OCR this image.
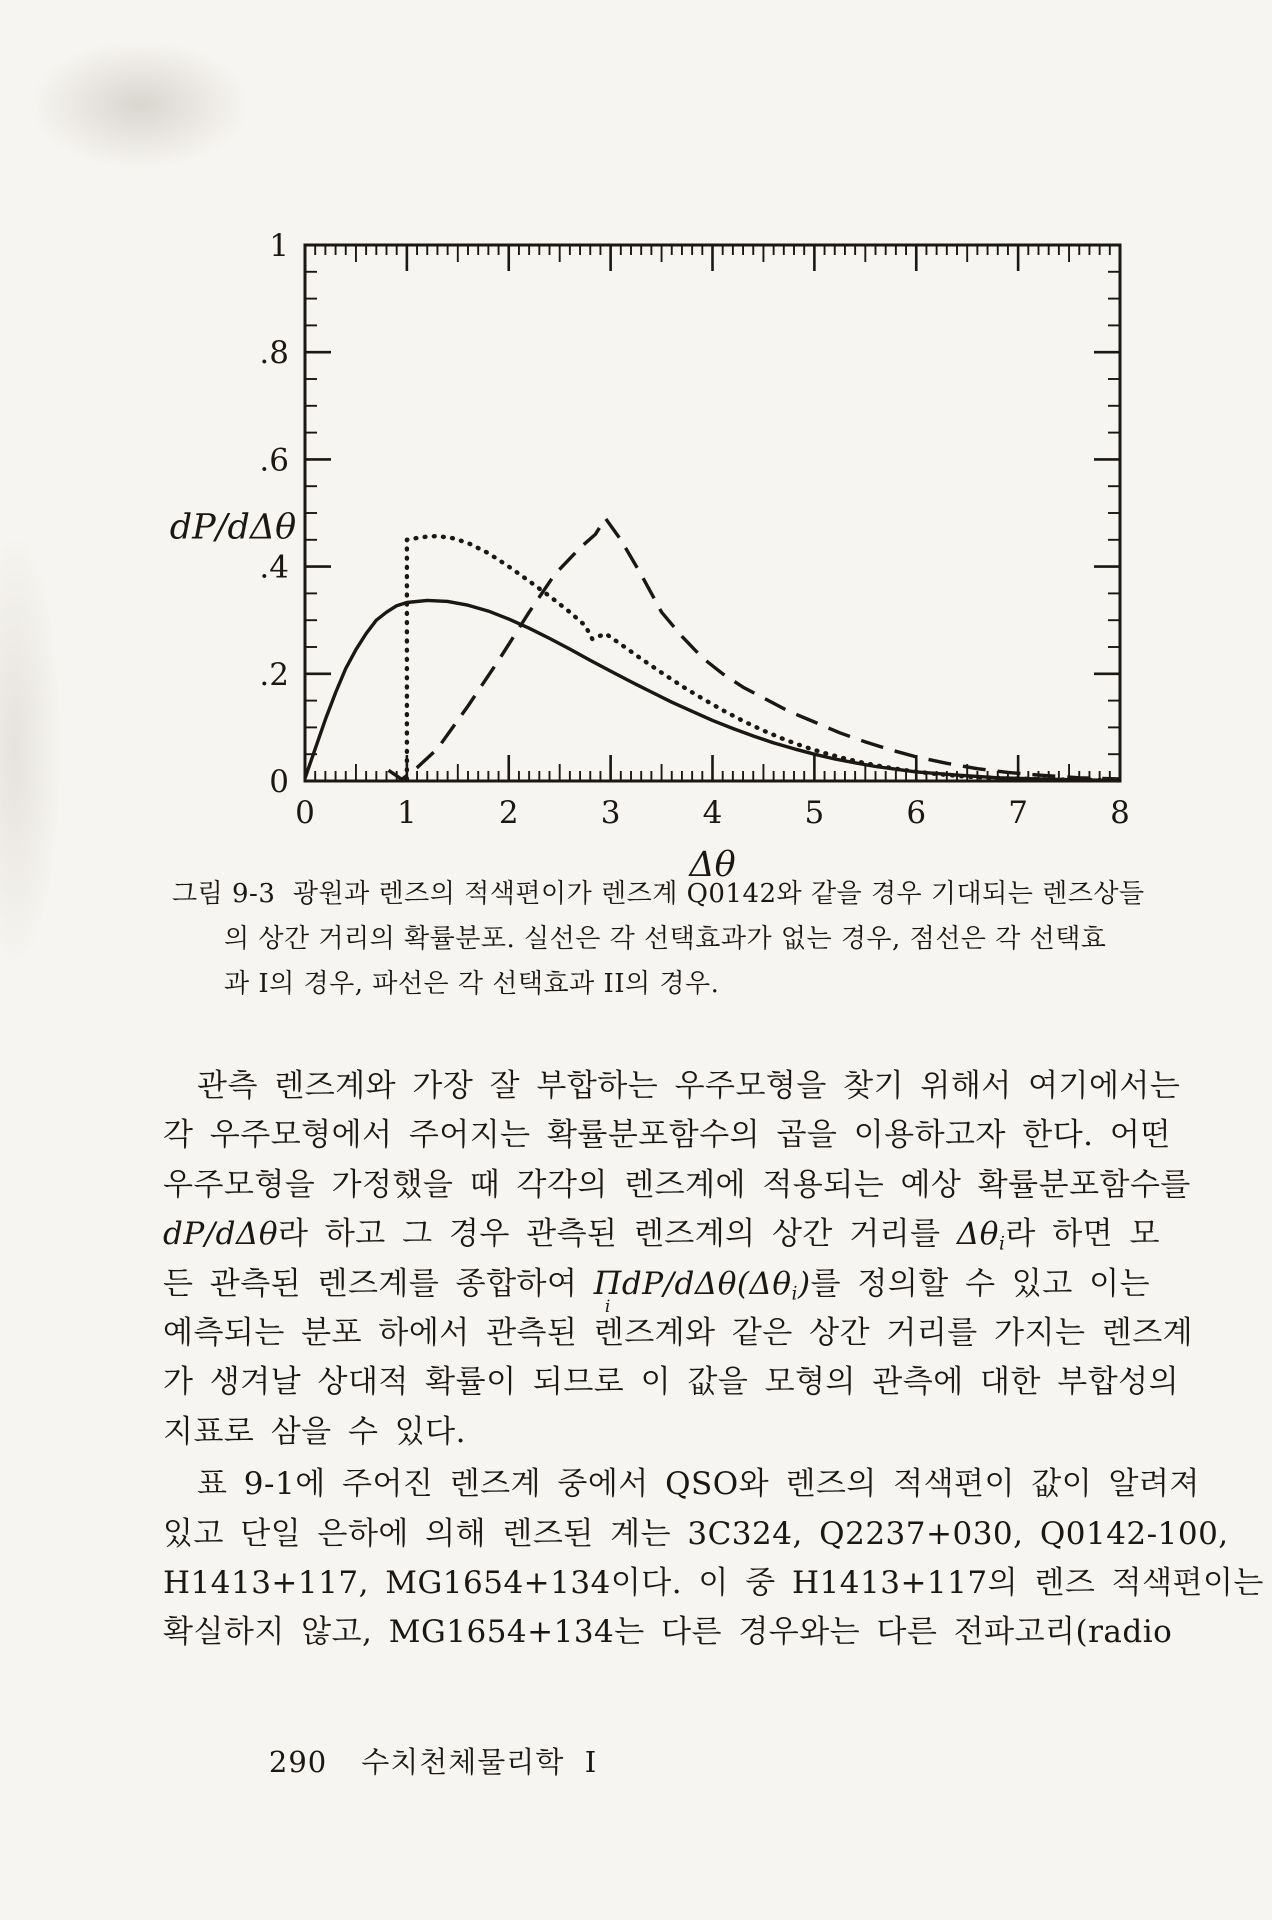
0	1	2	3	4	5	6	7	8
0
.2
.4
.6
.8
1
dP/dΔθ
Δθ
그림 9-3  광원과 렌즈의 적색편이가 렌즈계 Q0142와 같을 경우 기대되는 렌즈상들
의 상간 거리의 확률분포. 실선은 각 선택효과가 없는 경우, 점선은 각 선택효
과 I의 경우, 파선은 각 선택효과 II의 경우.
관측 렌즈계와 가장 잘 부합하는 우주모형을 찾기 위해서 여기에서는
각 우주모형에서 주어지는 확률분포함수의 곱을 이용하고자 한다. 어떤
우주모형을 가정했을 때 각각의 렌즈계에 적용되는 예상 확률분포함수를
dP/dΔθ라 하고 그 경우 관측된 렌즈계의 상간 거리를 Δθi라 하면 모
든 관측된 렌즈계를 종합하여 Π
i
dP/dΔθ(Δθi)를 정의할 수 있고 이는
예측되는 분포 하에서 관측된 렌즈계와 같은 상간 거리를 가지는 렌즈계
가 생겨날 상대적 확률이 되므로 이 값을 모형의 관측에 대한 부합성의
지표로 삼을 수 있다.
표 9-1에 주어진 렌즈계 중에서 QSO와 렌즈의 적색편이 값이 알려져
있고 단일 은하에 의해 렌즈된 계는 3C324, Q2237+030, Q0142-100,
H1413+117, MG1654+134이다. 이 중 H1413+117의 렌즈 적색편이는
확실하지 않고, MG1654+134는 다른 경우와는 다른 전파고리(radio

290 수치천체물리학  I
